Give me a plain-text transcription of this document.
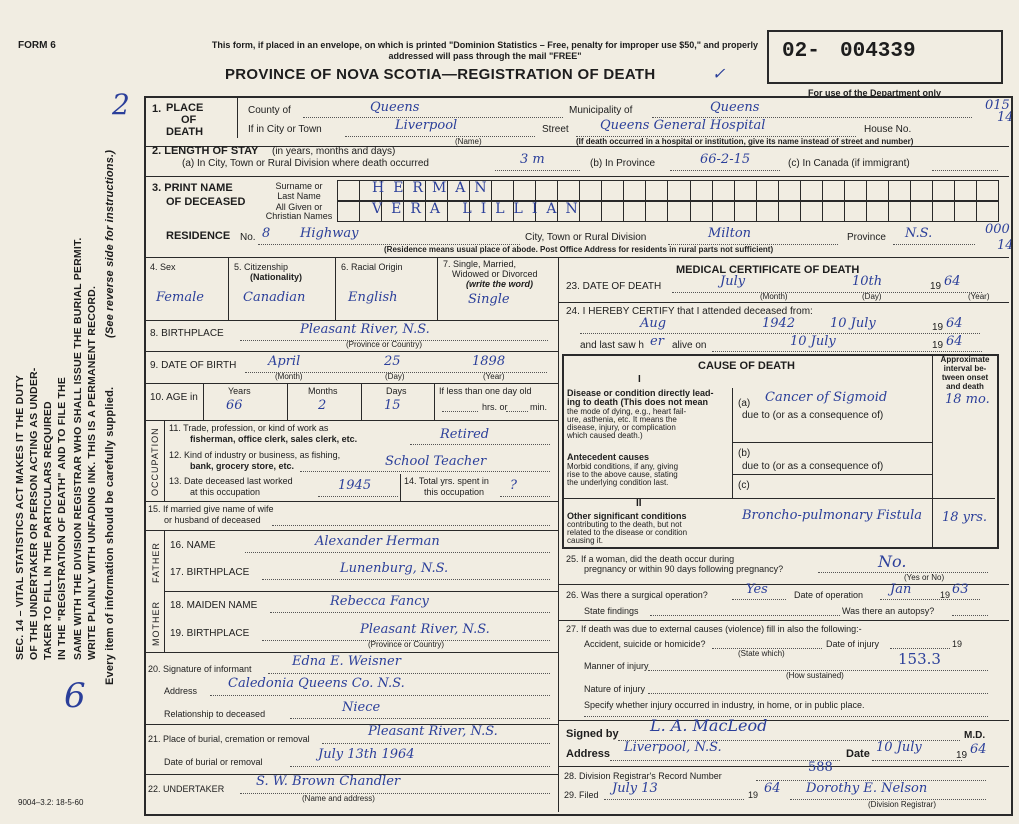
FORM 6	This form, if placed in an envelope, on which is printed "Dominion Statistics – Free, penalty for improper use $50," and properly addressed will pass through the mail "FREE"
PROVINCE OF NOVA SCOTIA—REGISTRATION OF DEATH	✓
02- 004339
For use of the Department only
015
14
000
14
2
SEC. 14 – VITAL STATISTICS ACT MAKES IT THE DUTY OF THE UNDERTAKER OR PERSON ACTING AS UNDER- TAKER TO FILL IN THE PARTICULARS REQUIRED IN THE "REGISTRATION OF DEATH" AND TO FILE THE SAME WITH THE DIVISION REGISTRAR WHO SHALL ISSUE THE BURIAL PERMIT. WRITE PLAINLY WITH UNFADING INK. THIS IS A PERMANENT RECORD. Every item of information should be carefully supplied.
(See reverse side for instructions.)
6
9004–3.2: 18-5-60
1. PLACE
OF
DEATH
County of	Queens	Municipality of	Queens
If in City or Town	Liverpool
(Name)
Street Queens General Hospital	House No.
(If death occurred in a hospital or institution, give its name instead of street and number)
2. LENGTH OF STAY (in years, months and days)
(a) In City, Town or Rural Division where death occurred	3 m	(b) In Province	66-2-15	(c) In Canada (if immigrant)
3. PRINT NAME
OF DECEASED
Surname or
Last Name
All Given or
Christian Names
HERMAN
VERA LILLIAN
RESIDENCE No. 8 Highway	City, Town or Rural Division	Milton	Province N.S.
(Residence means usual place of abode. Post Office Address for residents in rural parts not sufficient)
4. Sex
Female
5. Citizenship
(Nationality)
Canadian
6. Racial Origin
English
7. Single, Married,
Widowed or Divorced
(write the word)
Single
8. BIRTHPLACE	Pleasant River, N.S.
(Province or Country)
9. DATE OF BIRTH April	25	1898
(Month)	(Day)	(Year)
10. AGE in
Years	Months	Days
66	2	15
If less than one day old
hrs. or min.
OCCUPATION 11. Trade, profession, or kind of work as
fisherman, office clerk, sales clerk, etc.	Retired
12. Kind of industry or business, as fishing,
bank, grocery store, etc.	School Teacher
13. Date deceased last worked
at this occupation	1945	14. Total yrs. spent in
this occupation ?
15. If married give name of wife
or husband of deceased
FATHER 16. NAME	Alexander Herman
17. BIRTHPLACE	Lunenburg, N.S.
MOTHER 18. MAIDEN NAME	Rebecca Fancy
19. BIRTHPLACE	Pleasant River, N.S.
(Province or Country)
20. Signature of informant	Edna E. Weisner
Address Caledonia Queens Co. N.S.
Relationship to deceased	Niece
21. Place of burial, cremation or removal	Pleasant River, N.S.
Date of burial or removal	July 13th 1964
22. UNDERTAKER S. W. Brown Chandler
(Name and address)
MEDICAL CERTIFICATE OF DEATH
23. DATE OF DEATH	July	10th	19 64
(Month)	(Day)	(Year)
24. I HEREBY CERTIFY that I attended deceased from:
Aug	1942	10 July	19 64
and last saw h er alive on	10 July	19 64
CAUSE OF DEATH
Approximate
interval be-
tween onset
and death
I
Disease or condition directly lead-
ing to death (This does not mean
the mode of dying, e.g., heart fail-
ure, asthenia, etc. It means the
disease, injury, or complication
which caused death.)
(a) Cancer of Sigmoid	18 mo.
due to (or as a consequence of)
Antecedent causes
Morbid conditions, if any, giving
rise to the above cause, stating
the underlying condition last.
(b)
due to (or as a consequence of)
(c)
II
Other significant conditions
contributing to the death, but not
related to the disease or condition
causing it.
Broncho-pulmonary Fistula 18 yrs.
25. If a woman, did the death occur during
pregnancy or within 90 days following pregnancy?	No.
(Yes or No)
26. Was there a surgical operation?	Yes	Date of operation Jan	19 63
State findings	Was there an autopsy?
27. If death was due to external causes (violence) fill in also the following:-
Accident, suicide or homicide?
(State which)
Date of injury	19
153.3
Manner of injury
(How sustained)
Nature of injury
Specify whether injury occurred in industry, in home, or in public place.
Signed by L. A. MacLeod
M.D.
Address Liverpool, N.S.	Date 10 July
19 64
28. Division Registrar's Record Number
588
29. Filed July 13	19 64 Dorothy E. Nelson
(Division Registrar)
